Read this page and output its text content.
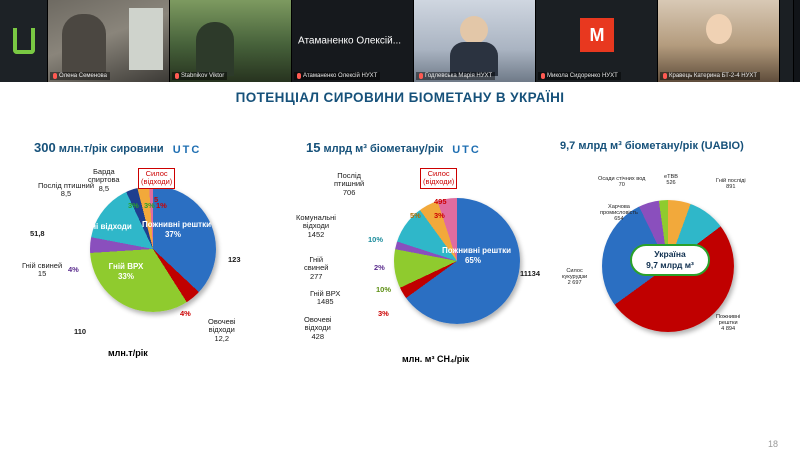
Олена Семенова	Stabnikov Viktor
Атаманенко Олексій...
Атаманенко Олексій НУХТ	Годлевська Марія НУХТ
М
Микола Сидоренко НУХТ	Кравець Катерина БТ-2-4 НУХТ
ПОТЕНЦІАЛ СИРОВИНИ БІОМЕТАНУ В УКРАЇНІ
300 млн.т/рік сировини UTC
Пожнивні рештки
37%
Гній ВРХ
33%
Комунальні відходи
15%
Послід птишний
8,5
Барда
спиртова
8,5
Силос
(відходи)
5
3% 3% 1%
51,8
Гній свиней
15	4%
123
Овочеві
відходи
12,2
4%
110
млн.т/рік
15 млрд м³ біометану/рік UTC
Пожнивні рештки
65%
Послід
птишний
706
Силос
(відходи)
495
5% 3%
Комунальні
відходи
1452
10%
Гній
свиней
277
2%
Гній ВРХ
1485
10%
Овочеві
відходи
428
3%
11134
млн. м³ СН₄/рік
9,7 млрд м³ біометану/рік (UABIO)
Україна
9,7 млрд м³
Осади стічних вод
70
еТВВ
526	Гній посліді
891
Харчова
промисловість
654
Силос
кукурудзи
2 697
Пожнивні
рештки
4 894
18
